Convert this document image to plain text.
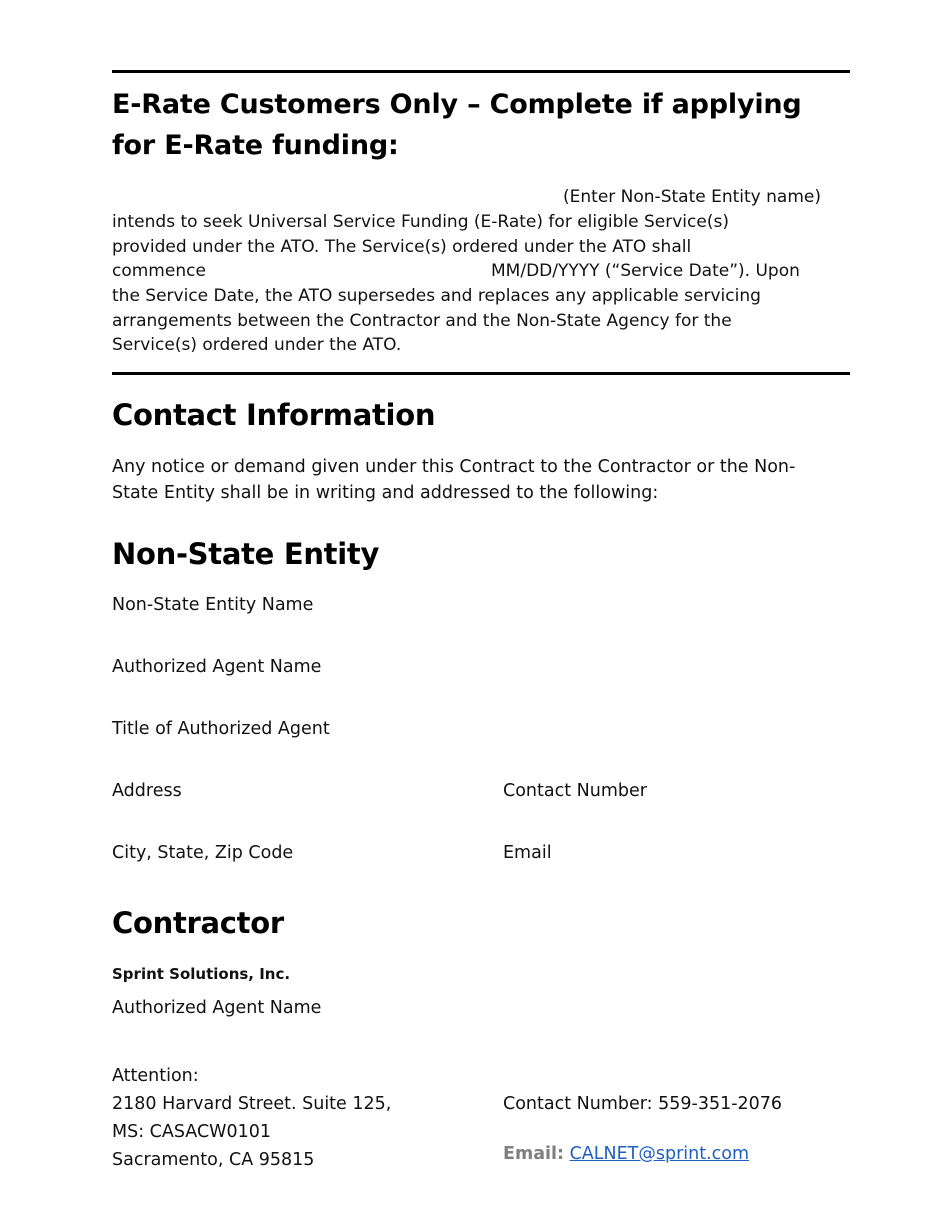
E-Rate Customers Only – Complete if applying for E-Rate funding:
(Enter Non-State Entity name)
intends to seek Universal Service Funding (E-Rate) for eligible Service(s)
provided under the ATO. The Service(s) ordered under the ATO shall
commence	MM/DD/YYYY (“Service Date”). Upon
the Service Date, the ATO supersedes and replaces any applicable servicing
arrangements between the Contractor and the Non-State Agency for the
Service(s) ordered under the ATO.
Contact Information
Any notice or demand given under this Contract to the Contractor or the Non-
State Entity shall be in writing and addressed to the following:
Non-State Entity
Non-State Entity Name
Authorized Agent Name
Title of Authorized Agent
Address	Contact Number
City, State, Zip Code	Email
Contractor
Sprint Solutions, Inc.
Authorized Agent Name
Attention:
2180 Harvard Street. Suite 125,
MS: CASACW0101
Sacramento, CA 95815
Contact Number: 559-351-2076
Email: CALNET@sprint.com
